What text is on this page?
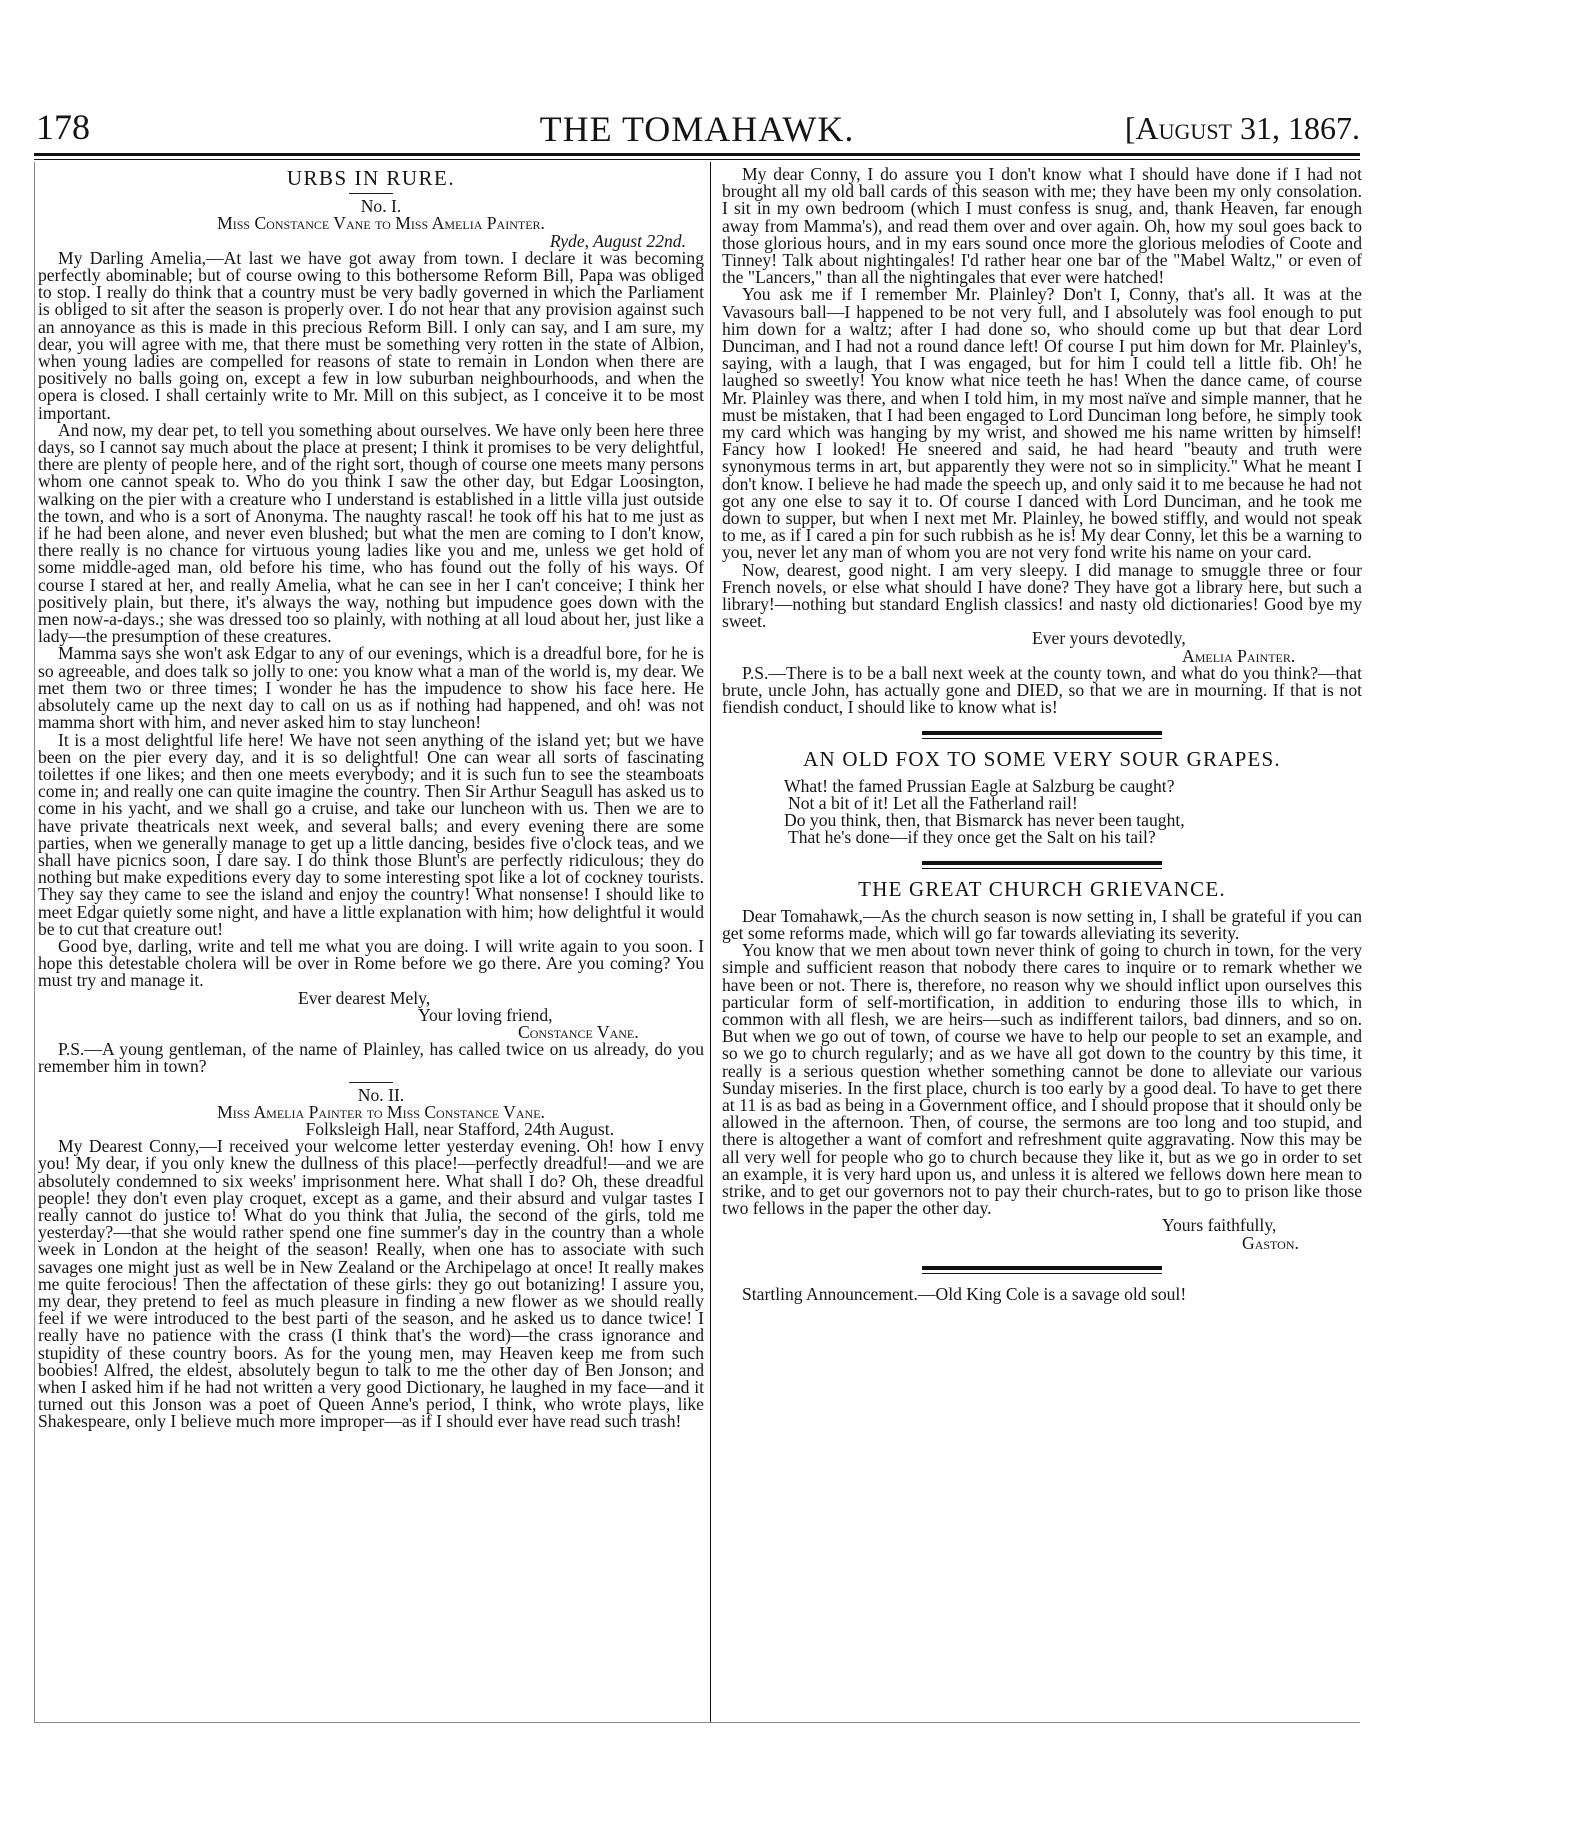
178	THE TOMAHAWK.	[August 31, 1867.
URBS IN RURE.

No. I.

Miss Constance Vane to Miss Amelia Painter.

Ryde, August 22nd.

My Darling Amelia,—At last we have got away from town. I declare it was becoming perfectly abominable; but of course owing to this bothersome Reform Bill, Papa was obliged to stop. I really do think that a country must be very badly governed in which the Parliament is obliged to sit after the season is properly over. I do not hear that any provision against such an annoyance as this is made in this precious Reform Bill. I only can say, and I am sure, my dear, you will agree with me, that there must be something very rotten in the state of Albion, when young ladies are compelled for reasons of state to remain in London when there are positively no balls going on, except a few in low suburban neighbourhoods, and when the opera is closed. I shall certainly write to Mr. Mill on this subject, as I conceive it to be most important.

And now, my dear pet, to tell you something about ourselves. We have only been here three days, so I cannot say much about the place at present; I think it promises to be very delightful, there are plenty of people here, and of the right sort, though of course one meets many persons whom one cannot speak to. Who do you think I saw the other day, but Edgar Loosington, walking on the pier with a creature who I understand is established in a little villa just outside the town, and who is a sort of Anonyma. The naughty rascal! he took off his hat to me just as if he had been alone, and never even blushed; but what the men are coming to I don't know, there really is no chance for virtuous young ladies like you and me, unless we get hold of some middle-aged man, old before his time, who has found out the folly of his ways. Of course I stared at her, and really Amelia, what he can see in her I can't conceive; I think her positively plain, but there, it's always the way, nothing but impudence goes down with the men now-a-days.; she was dressed too so plainly, with nothing at all loud about her, just like a lady—the presumption of these creatures.

Mamma says she won't ask Edgar to any of our evenings, which is a dreadful bore, for he is so agreeable, and does talk so jolly to one: you know what a man of the world is, my dear. We met them two or three times; I wonder he has the impudence to show his face here. He absolutely came up the next day to call on us as if nothing had happened, and oh! was not mamma short with him, and never asked him to stay luncheon!

It is a most delightful life here! We have not seen anything of the island yet; but we have been on the pier every day, and it is so delightful! One can wear all sorts of fascinating toilettes if one likes; and then one meets everybody; and it is such fun to see the steamboats come in; and really one can quite imagine the country. Then Sir Arthur Seagull has asked us to come in his yacht, and we shall go a cruise, and take our luncheon with us. Then we are to have private theatricals next week, and several balls; and every evening there are some parties, when we generally manage to get up a little dancing, besides five o'clock teas, and we shall have picnics soon, I dare say. I do think those Blunt's are perfectly ridiculous; they do nothing but make expeditions every day to some interesting spot like a lot of cockney tourists. They say they came to see the island and enjoy the country! What nonsense! I should like to meet Edgar quietly some night, and have a little explanation with him; how delightful it would be to cut that creature out!

Good bye, darling, write and tell me what you are doing. I will write again to you soon. I hope this detestable cholera will be over in Rome before we go there. Are you coming? You must try and manage it.

Ever dearest Mely,

Your loving friend,

Constance Vane.

P.S.—A young gentleman, of the name of Plainley, has called twice on us already, do you remember him in town?

No. II.

Miss Amelia Painter to Miss Constance Vane.

Folksleigh Hall, near Stafford, 24th August.

My Dearest Conny,—I received your welcome letter yesterday evening. Oh! how I envy you! My dear, if you only knew the dullness of this place!—perfectly dreadful!—and we are absolutely condemned to six weeks' imprisonment here. What shall I do? Oh, these dreadful people! they don't even play croquet, except as a game, and their absurd and vulgar tastes I really cannot do justice to! What do you think that Julia, the second of the girls, told me yesterday?—that she would rather spend one fine summer's day in the country than a whole week in London at the height of the season! Really, when one has to associate with such savages one might just as well be in New Zealand or the Archipelago at once! It really makes me quite ferocious! Then the affectation of these girls: they go out botanizing! I assure you, my dear, they pretend to feel as much pleasure in finding a new flower as we should really feel if we were introduced to the best parti of the season, and he asked us to dance twice! I really have no patience with the crass (I think that's the word)—the crass ignorance and stupidity of these country boors. As for the young men, may Heaven keep me from such boobies! Alfred, the eldest, absolutely begun to talk to me the other day of Ben Jonson; and when I asked him if he had not written a very good Dictionary, he laughed in my face—and it turned out this Jonson was a poet of Queen Anne's period, I think, who wrote plays, like Shakespeare, only I believe much more improper—as if I should ever have read such trash!

My dear Conny, I do assure you I don't know what I should have done if I had not brought all my old ball cards of this season with me; they have been my only consolation. I sit in my own bedroom (which I must confess is snug, and, thank Heaven, far enough away from Mamma's), and read them over and over again. Oh, how my soul goes back to those glorious hours, and in my ears sound once more the glorious melodies of Coote and Tinney! Talk about nightingales! I'd rather hear one bar of the "Mabel Waltz," or even of the "Lancers," than all the nightingales that ever were hatched!

You ask me if I remember Mr. Plainley? Don't I, Conny, that's all. It was at the Vavasours ball—I happened to be not very full, and I absolutely was fool enough to put him down for a waltz; after I had done so, who should come up but that dear Lord Dunciman, and I had not a round dance left! Of course I put him down for Mr. Plainley's, saying, with a laugh, that I was engaged, but for him I could tell a little fib. Oh! he laughed so sweetly! You know what nice teeth he has! When the dance came, of course Mr. Plainley was there, and when I told him, in my most naïve and simple manner, that he must be mistaken, that I had been engaged to Lord Dunciman long before, he simply took my card which was hanging by my wrist, and showed me his name written by himself! Fancy how I looked! He sneered and said, he had heard "beauty and truth were synonymous terms in art, but apparently they were not so in simplicity." What he meant I don't know. I believe he had made the speech up, and only said it to me because he had not got any one else to say it to. Of course I danced with Lord Dunciman, and he took me down to supper, but when I next met Mr. Plainley, he bowed stiffly, and would not speak to me, as if I cared a pin for such rubbish as he is! My dear Conny, let this be a warning to you, never let any man of whom you are not very fond write his name on your card.

Now, dearest, good night. I am very sleepy. I did manage to smuggle three or four French novels, or else what should I have done? They have got a library here, but such a library!—nothing but standard English classics! and nasty old dictionaries! Good bye my sweet.

Ever yours devotedly,

Amelia Painter.

P.S.—There is to be a ball next week at the county town, and what do you think?—that brute, uncle John, has actually gone and DIED, so that we are in mourning. If that is not fiendish conduct, I should like to know what is!

AN OLD FOX TO SOME VERY SOUR GRAPES.
What! the famed Prussian Eagle at Salzburg be caught?
Not a bit of it! Let all the Fatherland rail!
Do you think, then, that Bismarck has never been taught,
That he's done—if they once get the Salt on his tail?
THE GREAT CHURCH GRIEVANCE.

Dear Tomahawk,—As the church season is now setting in, I shall be grateful if you can get some reforms made, which will go far towards alleviating its severity.

You know that we men about town never think of going to church in town, for the very simple and sufficient reason that nobody there cares to inquire or to remark whether we have been or not. There is, therefore, no reason why we should inflict upon ourselves this particular form of self-mortification, in addition to enduring those ills to which, in common with all flesh, we are heirs—such as indifferent tailors, bad dinners, and so on. But when we go out of town, of course we have to help our people to set an example, and so we go to church regularly; and as we have all got down to the country by this time, it really is a serious question whether something cannot be done to alleviate our various Sunday miseries. In the first place, church is too early by a good deal. To have to get there at 11 is as bad as being in a Government office, and I should propose that it should only be allowed in the afternoon. Then, of course, the sermons are too long and too stupid, and there is altogether a want of comfort and refreshment quite aggravating. Now this may be all very well for people who go to church because they like it, but as we go in order to set an example, it is very hard upon us, and unless it is altered we fellows down here mean to strike, and to get our governors not to pay their church-rates, but to go to prison like those two fellows in the paper the other day.

Yours faithfully,

Gaston.

Startling Announcement.—Old King Cole is a savage old soul!
